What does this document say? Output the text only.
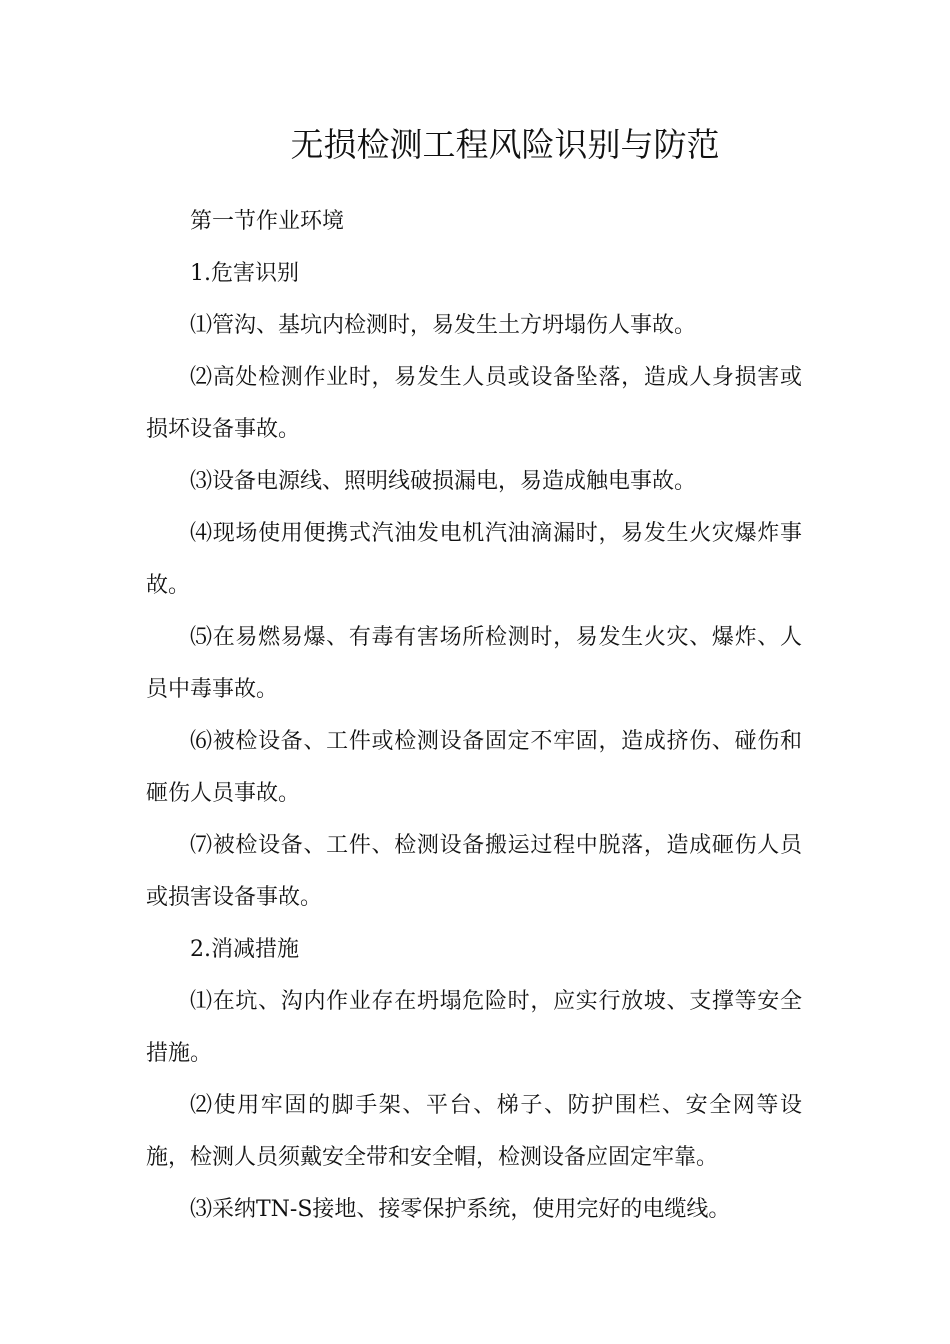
无损检测工程风险识别与防范

第一节作业环境

1.危害识别

⑴管沟、基坑内检测时，易发生土方坍塌伤人事故。

⑵高处检测作业时，易发生人员或设备坠落，造成人身损害或损坏设备事故。

⑶设备电源线、照明线破损漏电，易造成触电事故。

⑷现场使用便携式汽油发电机汽油滴漏时，易发生火灾爆炸事故。

⑸在易燃易爆、有毒有害场所检测时，易发生火灾、爆炸、人员中毒事故。

⑹被检设备、工件或检测设备固定不牢固，造成挤伤、碰伤和砸伤人员事故。

⑺被检设备、工件、检测设备搬运过程中脱落，造成砸伤人员或损害设备事故。

2.消减措施

⑴在坑、沟内作业存在坍塌危险时，应实行放坡、支撑等安全措施。

⑵使用牢固的脚手架、平台、梯子、防护围栏、安全网等设施，检测人员须戴安全带和安全帽，检测设备应固定牢靠。

⑶采纳TN-S接地、接零保护系统，使用完好的电缆线。
